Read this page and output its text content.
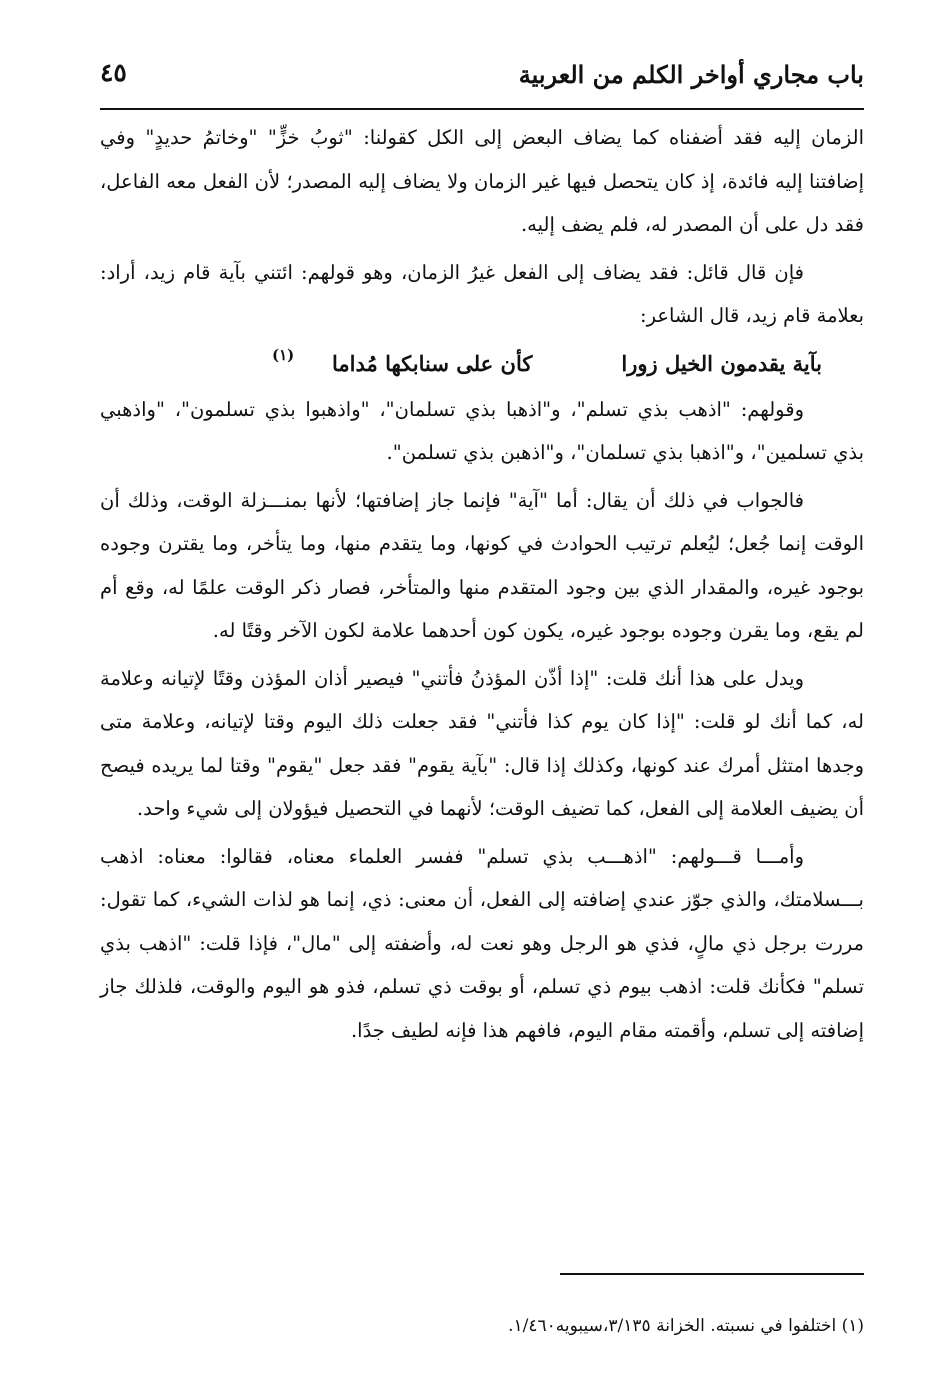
باب مجاري أواخر الكلم من العربية
٤٥

الزمان إليه فقد أضفناه كما يضاف البعض إلى الكل كقولنا: "ثوبُ خزٍّ" "وخاتمُ حديدٍ" وفي إضافتنا إليه فائدة، إذ كان يتحصل فيها غير الزمان ولا يضاف إليه المصدر؛ لأن الفعل معه الفاعل، فقد دل على أن المصدر له، فلم يضف إليه.

فإن قال قائل: فقد يضاف إلى الفعل غيرُ الزمان، وهو قولهم: ائتني بآية قام زيد، أراد: بعلامة قام زيد، قال الشاعر:

بآية يقدمون الخيل زورا
كأن على سنابكها مُداما
(١)

وقولهم: "اذهب بذي تسلم"، و"اذهبا بذي تسلمان"، "واذهبوا بذي تسلمون"، "واذهبي بذي تسلمين"، و"اذهبا بذي تسلمان"، و"اذهبن بذي تسلمن".

فالجواب في ذلك أن يقال: أما "آية" فإنما جاز إضافتها؛ لأنها بمنـــزلة الوقت، وذلك أن الوقت إنما جُعل؛ ليُعلم ترتيب الحوادث في كونها، وما يتقدم منها، وما يتأخر، وما يقترن وجوده بوجود غيره، والمقدار الذي بين وجود المتقدم منها والمتأخر، فصار ذكر الوقت علمًا له، وقع أم لم يقع، وما يقرن وجوده بوجود غيره، يكون كون أحدهما علامة لكون الآخر وقتًا له.

ويدل على هذا أنك قلت: "إذا أذّن المؤذنُ فأتني" فيصير أذان المؤذن وقتًا لإتيانه وعلامة له، كما أنك لو قلت: "إذا كان يوم كذا فأتني" فقد جعلت ذلك اليوم وقتا لإتيانه، وعلامة متى وجدها امتثل أمرك عند كونها، وكذلك إذا قال: "بآية يقوم" فقد جعل "يقوم" وقتا لما يريده فيصح أن يضيف العلامة إلى الفعل، كما تضيف الوقت؛ لأنهما في التحصيل فيؤولان إلى شيء واحد.

وأمـــا قـــولهم: "اذهـــب بذي تسلم" ففسر العلماء معناه، فقالوا: معناه: اذهب بـــسلامتك، والذي جوّز عندي إضافته إلى الفعل، أن معنى: ذي، إنما هو لذات الشيء، كما تقول: مررت برجل ذي مالٍ، فذي هو الرجل وهو نعت له، وأضفته إلى "مال"، فإذا قلت: "اذهب بذي تسلم" فكأنك قلت: اذهب بيوم ذي تسلم، أو بوقت ذي تسلم، فذو هو اليوم والوقت، فلذلك جاز إضافته إلى تسلم، وأقمته مقام اليوم، فافهم هذا فإنه لطيف جدًا.

(١) اختلفوا في نسبته. الخزانة ٣/١٣٥،سيبويه١/٤٦٠.
